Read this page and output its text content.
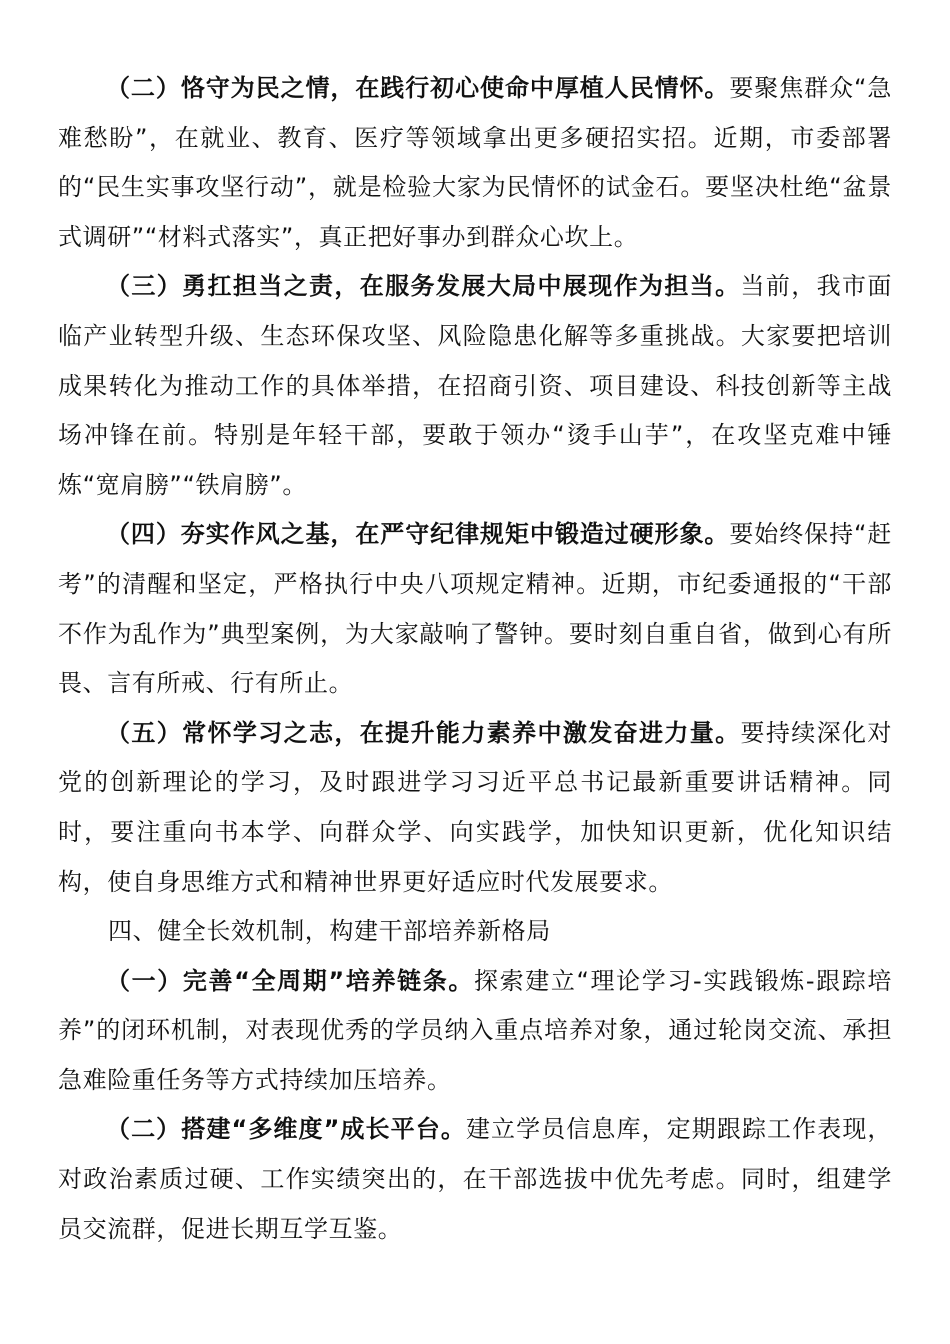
（二）恪守为民之情，在践行初心使命中厚植人民情怀。要聚焦群众“急难愁盼”，在就业、教育、医疗等领域拿出更多硬招实招。近期，市委部署的“民生实事攻坚行动”，就是检验大家为民情怀的试金石。要坚决杜绝“盆景式调研”“材料式落实”，真正把好事办到群众心坎上。

（三）勇扛担当之责，在服务发展大局中展现作为担当。当前，我市面临产业转型升级、生态环保攻坚、风险隐患化解等多重挑战。大家要把培训成果转化为推动工作的具体举措，在招商引资、项目建设、科技创新等主战场冲锋在前。特别是年轻干部，要敢于领办“烫手山芋”，在攻坚克难中锤炼“宽肩膀”“铁肩膀”。

（四）夯实作风之基，在严守纪律规矩中锻造过硬形象。要始终保持“赶考”的清醒和坚定，严格执行中央八项规定精神。近期，市纪委通报的“干部不作为乱作为”典型案例，为大家敲响了警钟。要时刻自重自省，做到心有所畏、言有所戒、行有所止。

（五）常怀学习之志，在提升能力素养中激发奋进力量。要持续深化对党的创新理论的学习，及时跟进学习习近平总书记最新重要讲话精神。同时，要注重向书本学、向群众学、向实践学，加快知识更新，优化知识结构，使自身思维方式和精神世界更好适应时代发展要求。

四、健全长效机制，构建干部培养新格局

（一）完善“全周期”培养链条。探索建立“理论学习-实践锻炼-跟踪培养”的闭环机制，对表现优秀的学员纳入重点培养对象，通过轮岗交流、承担急难险重任务等方式持续加压培养。

（二）搭建“多维度”成长平台。建立学员信息库，定期跟踪工作表现，对政治素质过硬、工作实绩突出的，在干部选拔中优先考虑。同时，组建学员交流群，促进长期互学互鉴。
